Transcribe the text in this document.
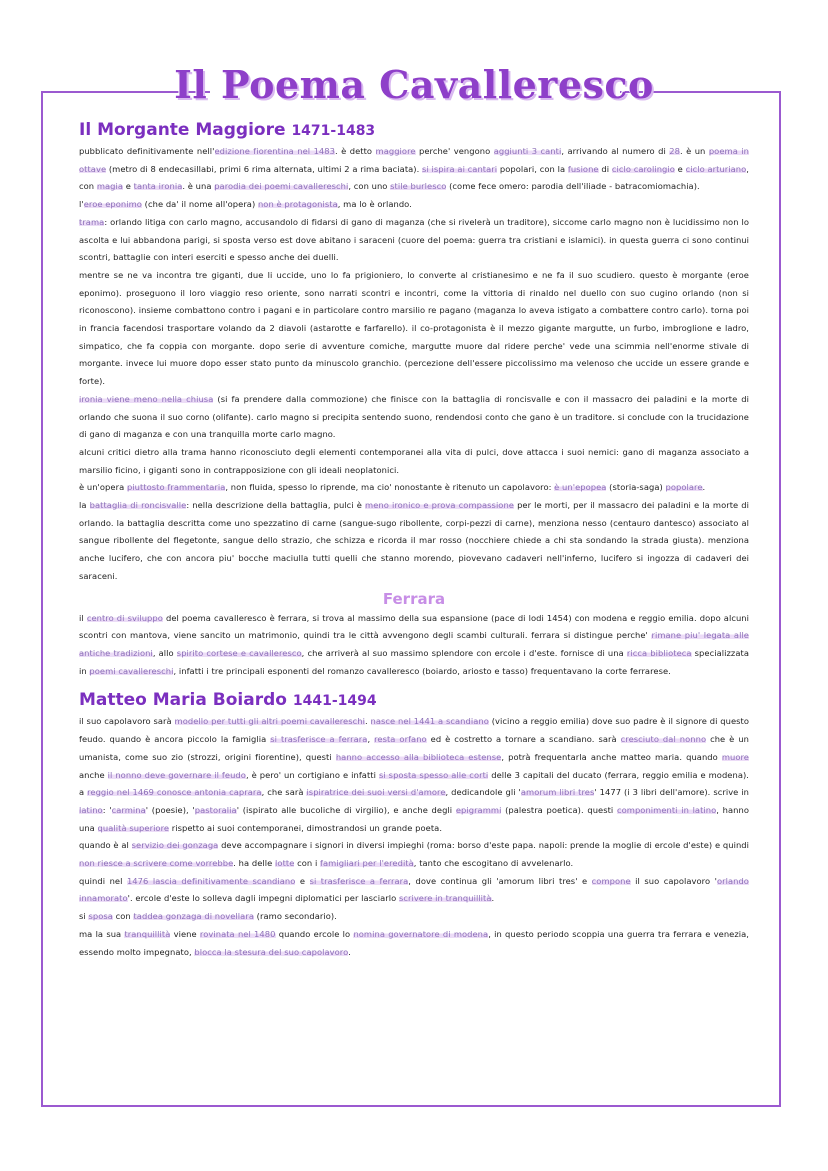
Il Poema Cavalleresco
Il Morgante Maggiore 1471-1483

pubblicato definitivamente nell'edizione fiorentina nel 1483. è detto maggiore perche' vengono aggiunti 3 canti, arrivando al numero di 28. è un poema in ottave (metro di 8 endecasillabi, primi 6 rima alternata, ultimi 2 a rima baciata). si ispira ai cantari popolari, con la fusione di ciclo carolingio e ciclo arturiano, con magia e tanta ironia. è una parodia dei poemi cavallereschi, con uno stile burlesco (come fece omero: parodia dell'iliade - batracomiomachia).

l'eroe eponimo (che da' il nome all'opera) non è protagonista, ma lo è orlando.

trama: orlando litiga con carlo magno, accusandolo di fidarsi di gano di maganza (che si rivelerà un traditore), siccome carlo magno non è lucidissimo non lo ascolta e lui abbandona parigi, si sposta verso est dove abitano i saraceni (cuore del poema: guerra tra cristiani e islamici). in questa guerra ci sono continui scontri, battaglie con interi eserciti e spesso anche dei duelli.

mentre se ne va incontra tre giganti, due li uccide, uno lo fa prigioniero, lo converte al cristianesimo e ne fa il suo scudiero. questo è morgante (eroe eponimo). proseguono il loro viaggio reso oriente, sono narrati scontri e incontri, come la vittoria di rinaldo nel duello con suo cugino orlando (non si riconoscono). insieme combattono contro i pagani e in particolare contro marsilio re pagano (maganza lo aveva istigato a combattere contro carlo). torna poi in francia facendosi trasportare volando da 2 diavoli (astarotte e farfarello). il co-protagonista è il mezzo gigante margutte, un furbo, imbroglione e ladro, simpatico, che fa coppia con morgante. dopo serie di avventure comiche, margutte muore dal ridere perche' vede una scimmia nell'enorme stivale di morgante. invece lui muore dopo esser stato punto da minuscolo granchio. (percezione dell'essere piccolissimo ma velenoso che uccide un essere grande e forte).

ironia viene meno nella chiusa (si fa prendere dalla commozione) che finisce con la battaglia di roncisvalle e con il massacro dei paladini e la morte di orlando che suona il suo corno (olifante). carlo magno si precipita sentendo suono, rendendosi conto che gano è un traditore. si conclude con la trucidazione di gano di maganza e con una tranquilla morte carlo magno.

alcuni critici dietro alla trama hanno riconosciuto degli elementi contemporanei alla vita di pulci, dove attacca i suoi nemici: gano di maganza associato a marsilio ficino, i giganti sono in contrapposizione con gli ideali neoplatonici.

è un'opera piuttosto frammentaria, non fluida, spesso lo riprende, ma cio' nonostante è ritenuto un capolavoro: è un'epopea (storia-saga) popolare.

la battaglia di roncisvalle: nella descrizione della battaglia, pulci è meno ironico e prova compassione per le morti, per il massacro dei paladini e la morte di orlando. la battaglia descritta come uno spezzatino di carne (sangue-sugo ribollente, corpi-pezzi di carne), menziona nesso (centauro dantesco) associato al sangue ribollente del flegetonte, sangue dello strazio, che schizza e ricorda il mar rosso (nocchiere chiede a chi sta sondando la strada giusta). menziona anche lucifero, che con ancora piu' bocche maciulla tutti quelli che stanno morendo, piovevano cadaveri nell'inferno, lucifero si ingozza di cadaveri dei saraceni.

Ferrara

il centro di sviluppo del poema cavalleresco è ferrara, si trova al massimo della sua espansione (pace di lodi 1454) con modena e reggio emilia. dopo alcuni scontri con mantova, viene sancito un matrimonio, quindi tra le città avvengono degli scambi culturali. ferrara si distingue perche' rimane piu' legata alle antiche tradizioni, allo spirito cortese e cavalleresco, che arriverà al suo massimo splendore con ercole i d'este. fornisce di una ricca biblioteca specializzata in poemi cavallereschi, infatti i tre principali esponenti del romanzo cavalleresco (boiardo, ariosto e tasso) frequentavano la corte ferrarese.

Matteo Maria Boiardo 1441-1494

il suo capolavoro sarà modello per tutti gli altri poemi cavallereschi. nasce nel 1441 a scandiano (vicino a reggio emilia) dove suo padre è il signore di questo feudo. quando è ancora piccolo la famiglia si trasferisce a ferrara, resta orfano ed è costretto a tornare a scandiano. sarà cresciuto dal nonno che è un umanista, come suo zio (strozzi, origini fiorentine), questi hanno accesso alla biblioteca estense, potrà frequentarla anche matteo maria. quando muore anche il nonno deve governare il feudo, è pero' un cortigiano e infatti si sposta spesso alle corti delle 3 capitali del ducato (ferrara, reggio emilia e modena). a reggio nel 1469 conosce antonia caprara, che sarà ispiratrice dei suoi versi d'amore, dedicandole gli 'amorum libri tres' 1477 (i 3 libri dell'amore). scrive in latino: 'carmina' (poesie), 'pastoralia' (ispirato alle bucoliche di virgilio), e anche degli epigrammi (palestra poetica). questi componimenti in latino, hanno una qualità superiore rispetto ai suoi contemporanei, dimostrandosi un grande poeta.

quando è al servizio dei gonzaga deve accompagnare i signori in diversi impieghi (roma: borso d'este papa. napoli: prende la moglie di ercole d'este) e quindi non riesce a scrivere come vorrebbe. ha delle lotte con i famigliari per l'eredità, tanto che escogitano di avvelenarlo.

quindi nel 1476 lascia definitivamente scandiano e si trasferisce a ferrara, dove continua gli 'amorum libri tres' e compone il suo capolavoro 'orlando innamorato'. ercole d'este lo solleva dagli impegni diplomatici per lasciarlo scrivere in tranquillità.

si sposa con taddea gonzaga di novellara (ramo secondario).

ma la sua tranquillità viene rovinata nel 1480 quando ercole lo nomina governatore di modena, in questo periodo scoppia una guerra tra ferrara e venezia, essendo molto impegnato, blocca la stesura del suo capolavoro.
